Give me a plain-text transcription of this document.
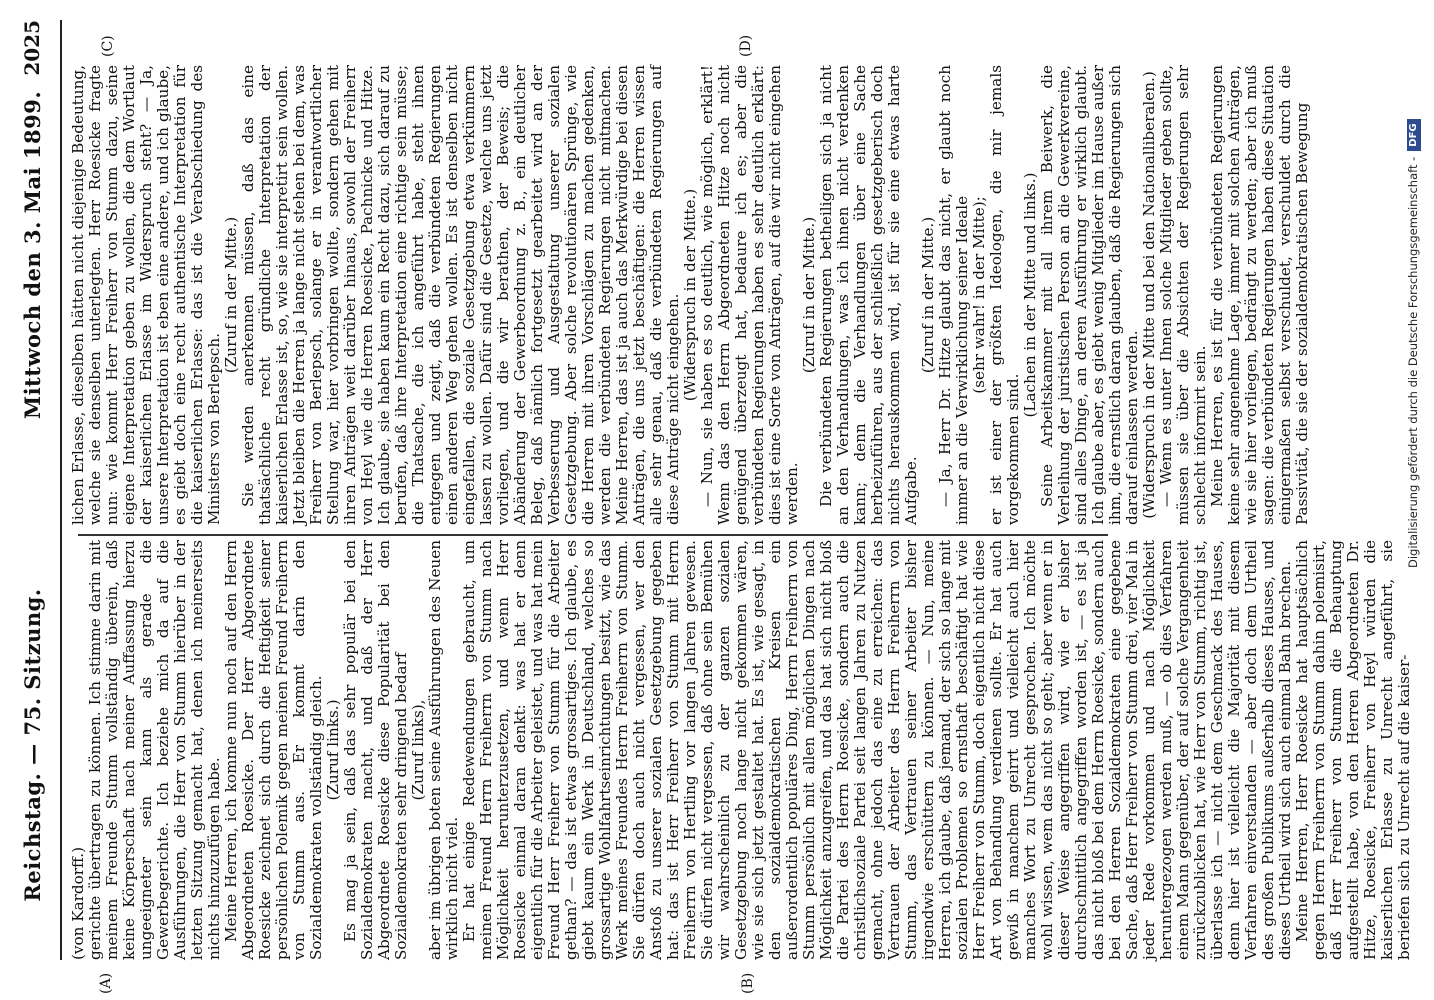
Reichstag. — 75. Sitzung.
Mittwoch den 3. Mai 1899.
2025
(A)	(B)
(C)	(D)

(von Kardorff.) gerichte übertragen zu können. Ich stimme darin mit meinem Freunde Stumm vollständig überein, daß keine Körperschaft nach meiner Auffassung hierzu ungeeigneter sein kann als gerade die Gewerbegerichte. Ich beziehe mich da auf die Ausführungen, die Herr von Stumm hierüber in der letzten Sitzung gemacht hat, denen ich meinerseits nichts hinzuzufügen habe. Meine Herren, ich komme nun noch auf den Herrn Abgeordneten Roesicke. Der Herr Abgeordnete Roesicke zeichnet sich durch die Heftigkeit seiner persönlichen Polemik gegen meinen Freund Freiherrn von Stumm aus. Er kommt darin den Sozialdemokraten vollständig gleich. (Zuruf links.) Es mag ja sein, daß das sehr populär bei den Sozialdemokraten macht, und daß der Herr Abgeordnete Roesicke diese Popularität bei den Sozialdemokraten sehr dringend bedarf (Zuruf links), aber im übrigen boten seine Ausführungen des Neuen wirklich nicht viel. Er hat einige Redewendungen gebraucht, um meinen Freund Herrn Freiherrn von Stumm nach Möglichkeit herunterzusetzen, und wenn Herr Roesicke einmal daran denkt: was hat er denn eigentlich für die Arbeiter geleistet, und was hat mein Freund Herr Freiherr von Stumm für die Arbeiter gethan? — das ist etwas grossartiges. Ich glaube, es giebt kaum ein Werk in Deutschland, welches so grossartige Wohlfahrtseinrichtungen besitzt, wie das Werk meines Freundes Herrn Freiherrn von Stumm. Sie dürfen doch auch nicht vergessen, wer den Anstoß zu unserer sozialen Gesetzgebung gegeben hat: das ist Herr Freiherr von Stumm mit Herrn Freiherrn von Hertling vor langen Jahren gewesen. Sie dürfen nicht vergessen, daß ohne sein Bemühen wir wahrscheinlich zu der ganzen sozialen Gesetzgebung noch lange nicht gekommen wären, wie sie sich jetzt gestaltet hat. Es ist, wie gesagt, in den sozialdemokratischen Kreisen ein außerordentlich populäres Ding, Herrn Freiherrn von Stumm persönlich mit allen möglichen Dingen nach Möglichkeit anzugreifen, und das hat sich nicht bloß die Partei des Herrn Roesicke, sondern auch die christlichsoziale Partei seit langen Jahren zu Nutzen gemacht, ohne jedoch das eine zu erreichen: das Vertrauen der Arbeiter des Herrn Freiherrn von Stumm, das Vertrauen seiner Arbeiter bisher irgendwie erschüttern zu können. — Nun, meine Herren, ich glaube, daß jemand, der sich so lange mit sozialen Problemen so ernsthaft beschäftigt hat wie Herr Freiherr von Stumm, doch eigentlich nicht diese Art von Behandlung verdienen sollte. Er hat auch gewiß in manchem geirrt und vielleicht auch hier manches Wort zu Unrecht gesprochen. Ich möchte wohl wissen, wem das nicht so geht; aber wenn er in dieser Weise angegriffen wird, wie er bisher durchschnittlich angegriffen worden ist, — es ist ja das nicht bloß bei dem Herrn Roesicke, sondern auch bei den Herren Sozialdemokraten eine gegebene Sache, daß Herr Freiherr von Stumm drei, vier Mal in jeder Rede vorkommen und nach Möglichkeit heruntergezogen werden muß, — ob dies Verfahren einem Mann gegenüber, der auf solche Vergangenheit zurückzublicken hat, wie Herr von Stumm, richtig ist, überlasse ich — nicht dem Geschmack des Hauses, denn hier ist vielleicht die Majorität mit diesem Verfahren einverstanden — aber doch dem Urtheil des großen Publikums außerhalb dieses Hauses, und dieses Urtheil wird sich auch einmal Bahn brechen. Meine Herren, Herr Roesicke hat hauptsächlich gegen Herrn Freiherrn von Stumm dahin polemisirt, daß Herr Freiherr von Stumm die Behauptung aufgestellt habe, von den Herren Abgeordneten Dr. Hitze, Roesicke, Freiherr von Heyl würden die kaiserlichen Erlasse zu Unrecht angeführt, sie beriefen sich zu Unrecht auf die kaiser-

lichen Erlasse, dieselben hätten nicht diejenige Bedeutung, welche sie denselben unterlegten. Herr Roesicke fragte nun: wie kommt Herr Freiherr von Stumm dazu, seine eigene Interpretation geben zu wollen, die dem Wortlaut der kaiserlichen Erlasse im Widerspruch steht? — Ja, unsere Interpretation ist eben eine andere, und ich glaube, es giebt doch eine recht authentische Interpretation für die kaiserlichen Erlasse: das ist die Verabschiedung des Ministers von Berlepsch.

(Zuruf in der Mitte.) Sie werden anerkennen müssen, daß das eine thatsächliche recht gründliche Interpretation der kaiserlichen Erlasse ist, so, wie sie interpretirt sein wollen. Jetzt bleiben die Herren ja lange nicht stehen bei dem, was Freiherr von Berlepsch, solange er in verantwortlicher Stellung war, hier vorbringen wollte, sondern gehen mit ihren Anträgen weit darüber hinaus, sowohl der Freiherr von Heyl wie die Herren Roesicke, Pachnicke und Hitze. Ich glaube, sie haben kaum ein Recht dazu, sich darauf zu berufen, daß ihre Interpretation eine richtige sein müsse; die Thatsache, die ich angeführt habe, steht ihnen entgegen und zeigt, daß die verbündeten Regierungen einen anderen Weg gehen wollen. Es ist denselben nicht eingefallen, die soziale Gesetzgebung etwa verkümmern lassen zu wollen. Dafür sind die Gesetze, welche uns jetzt vorliegen, und die wir berathen, der Beweis; die Abänderung der Gewerbeordnung z. B., ein deutlicher Beleg, daß nämlich fortgesetzt gearbeitet wird an der Verbesserung und Ausgestaltung unserer sozialen Gesetzgebung. Aber solche revolutionären Sprünge, wie die Herren mit ihren Vorschlägen zu machen gedenken, werden die verbündeten Regierungen nicht mitmachen. Meine Herren, das ist ja auch das Merkwürdige bei diesen Anträgen, die uns jetzt beschäftigen: die Herren wissen alle sehr genau, daß die verbündeten Regierungen auf diese Anträge nicht eingehen. (Widerspruch in der Mitte.) — Nun, sie haben es so deutlich, wie möglich, erklärt! Wenn das den Herrn Abgeordneten Hitze noch nicht genügend überzeugt hat, bedaure ich es; aber die verbündeten Regierungen haben es sehr deutlich erklärt: dies ist eine Sorte von Anträgen, auf die wir nicht eingehen werden.

(Zuruf in der Mitte.) Die verbündeten Regierungen betheiligen sich ja nicht an den Verhandlungen, was ich ihnen nicht verdenken kann; denn die Verhandlungen über eine Sache herbeizuführen, aus der schließlich gesetzgeberisch doch nichts herauskommen wird, ist für sie eine etwas harte Aufgabe.

(Zuruf in der Mitte.) — Ja, Herr Dr. Hitze glaubt das nicht, er glaubt noch immer an die Verwirklichung seiner Ideale (sehr wahr! in der Mitte); er ist einer der größten Ideologen, die mir jemals vorgekommen sind.

(Lachen in der Mitte und links.) Seine Arbeitskammer mit all ihrem Beiwerk, die Verleihung der juristischen Person an die Gewerkvereine, sind alles Dinge, an deren Ausführung er wirklich glaubt. Ich glaube aber, es giebt wenig Mitglieder im Hause außer ihm, die ernstlich daran glauben, daß die Regierungen sich darauf einlassen werden. (Widerspruch in der Mitte und bei den Nationalliberalen.) — Wenn es unter Ihnen solche Mitglieder geben sollte, müssen sie über die Absichten der Regierungen sehr schlecht informirt sein. Meine Herren, es ist für die verbündeten Regierungen keine sehr angenehme Lage, immer mit solchen Anträgen, wie sie hier vorliegen, bedrängt zu werden; aber ich muß sagen: die verbündeten Regierungen haben diese Situation einigermaßen selbst verschuldet, verschuldet durch die Passivität, die sie der sozialdemokratischen Bewegung	Digitalisierung gefördert durch die Deutsche Forschungsgemeinschaft -DFG
